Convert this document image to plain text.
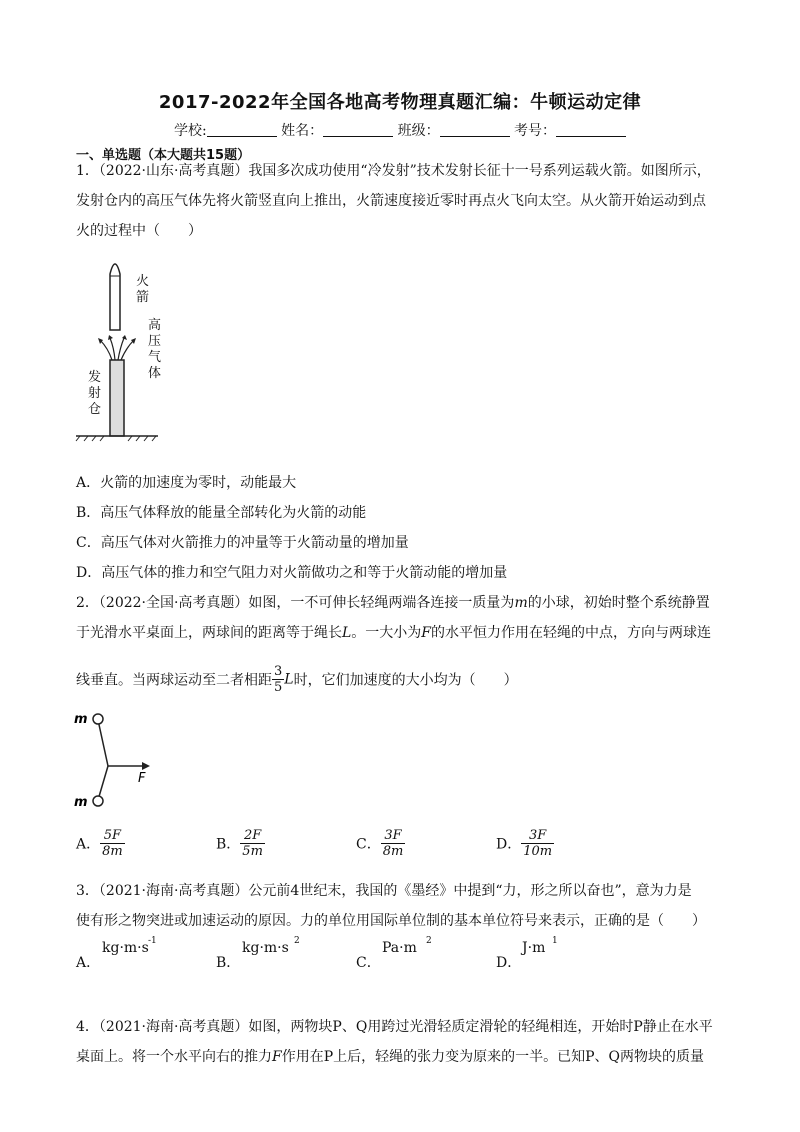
2017-2022年全国各地高考物理真题汇编：牛顿运动定律
学校:	姓名：	班级：	考号：
一、单选题（本大题共15题）
1．（2022·山东·高考真题）我国多次成功使用“冷发射”技术发射长征十一号系列运载火箭。如图所示，
发射仓内的高压气体先将火箭竖直向上推出，火箭速度接近零时再点火飞向太空。从火箭开始运动到点
火的过程中（　　）
火箭
高压气体
发射仓
A．火箭的加速度为零时，动能最大
B．高压气体释放的能量全部转化为火箭的动能
C．高压气体对火箭推力的冲量等于火箭动量的增加量
D．高压气体的推力和空气阻力对火箭做功之和等于火箭动能的增加量
2．（2022·全国·高考真题）如图，一不可伸长轻绳两端各连接一质量为m的小球，初始时整个系统静置
于光滑水平桌面上，两球间的距离等于绳长L。一大小为F的水平恒力作用在轻绳的中点，方向与两球连
线垂直。当两球运动至二者相距 $\frac{3}{5}$ L时，它们加速度的大小均为（　　）
m
m
F
A． $\frac{5F}{8m}$	B． $\frac{2F}{5m}$	C． $\frac{3F}{8m}$	D． $\frac{3F}{10m}$
3．（2021·海南·高考真题）公元前4世纪末，我国的《墨经》中提到“力，形之所以奋也”，意为力是
使有形之物突进或加速运动的原因。力的单位用国际单位制的基本单位符号来表示，正确的是（　　）
A．
kg·m·s -1
B．
kg·m·s 2
C．
Pa·m 2
D．
J·m 1
4．（2021·海南·高考真题）如图，两物块P、Q用跨过光滑轻质定滑轮的轻绳相连，开始时P静止在水平
桌面上。将一个水平向右的推力F作用在P上后，轻绳的张力变为原来的一半。已知P、Q两物块的质量
